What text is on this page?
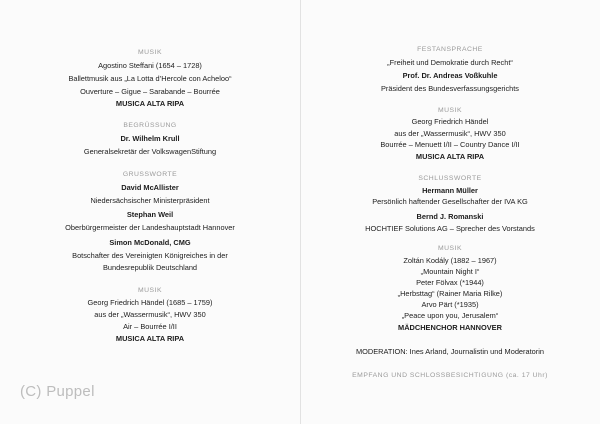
MUSIK
Agostino Steffani (1654 – 1728)
Ballettmusik aus „La Lotta d’Hercole con Acheloo“
Ouverture – Gigue – Sarabande – Bourrée
MUSICA ALTA RIPA
BEGRÜSSUNG
Dr. Wilhelm Krull
Generalsekretär der VolkswagenStiftung
GRUSSWORTE
David McAllister
Niedersächsischer Ministerpräsident
Stephan Weil
Oberbürgermeister der Landeshauptstadt Hannover
Simon McDonald, CMG
Botschafter des Vereinigten Königreiches in der
Bundesrepublik Deutschland
MUSIK
Georg Friedrich Händel (1685 – 1759)
aus der „Wassermusik“, HWV 350
Air – Bourrée I/II
MUSICA ALTA RIPA
FESTANSPRACHE
„Freiheit und Demokratie durch Recht“
Prof. Dr. Andreas Voßkuhle
Präsident des Bundesverfassungsgerichts
MUSIK
Georg Friedrich Händel
aus der „Wassermusik“, HWV 350
Bourrée – Menuett I/II – Country Dance I/II
MUSICA ALTA RIPA
SCHLUSSWORTE
Hermann Müller
Persönlich haftender Gesellschafter der IVA KG
Bernd J. Romanski
HOCHTIEF Solutions AG – Sprecher des Vorstands
MUSIK
Zoltán Kodály (1882 – 1967)
„Mountain Night I“
Peter Fölvax (*1944)
„Herbsttag“ (Rainer Maria Rilke)
Arvo Pärt (*1935)
„Peace upon you, Jerusalem“
MÄDCHENCHOR HANNOVER
MODERATION: Ines Arland, Journalistin und Moderatorin
EMPFANG UND SCHLOSSBESICHTIGUNG (ca. 17 Uhr)
(C) Puppel
